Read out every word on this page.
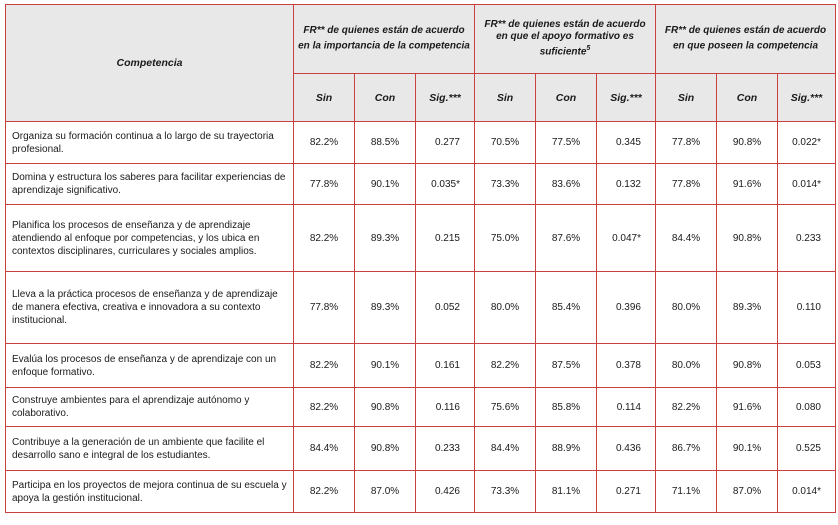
Competencia	FR** de quienes están de acuerdo en la importancia de la competencia			FR** de quienes están de acuerdo en que el apoyo formativo es suficiente$^5$			FR** de quienes están de acuerdo en que poseen la competencia		
	Sin	Con	Sig.***	Sin	Con	Sig.***	Sin	Con	Sig.***
Organiza su formación continua a lo largo de su trayectoria profesional.	82.2%	88.5%	0.277	70.5%	77.5%	0.345	77.8%	90.8%	0.022*
Domina y estructura los saberes para facilitar experiencias de aprendizaje significativo.	77.8%	90.1%	0.035*	73.3%	83.6%	0.132	77.8%	91.6%	0.014*
Planifica los procesos de enseñanza y de aprendizaje atendiendo al enfoque por competencias, y los ubica en contextos disciplinares, curriculares y sociales amplios.	82.2%	89.3%	0.215	75.0%	87.6%	0.047*	84.4%	90.8%	0.233
Lleva a la práctica procesos de enseñanza y de aprendizaje de manera efectiva, creativa e innovadora a su contexto institucional.	77.8%	89.3%	0.052	80.0%	85.4%	0.396	80.0%	89.3%	0.110
Evalúa los procesos de enseñanza y de aprendizaje con un enfoque formativo.	82.2%	90.1%	0.161	82.2%	87.5%	0.378	80.0%	90.8%	0.053
Construye ambientes para el aprendizaje autónomo y colaborativo.	82.2%	90.8%	0.116	75.6%	85.8%	0.114	82.2%	91.6%	0.080
Contribuye a la generación de un ambiente que facilite el desarrollo sano e integral de los estudiantes.	84.4%	90.8%	0.233	84.4%	88.9%	0.436	86.7%	90.1%	0.525
Participa en los proyectos de mejora continua de su escuela y apoya la gestión institucional.	82.2%	87.0%	0.426	73.3%	81.1%	0.271	71.1%	87.0%	0.014*
